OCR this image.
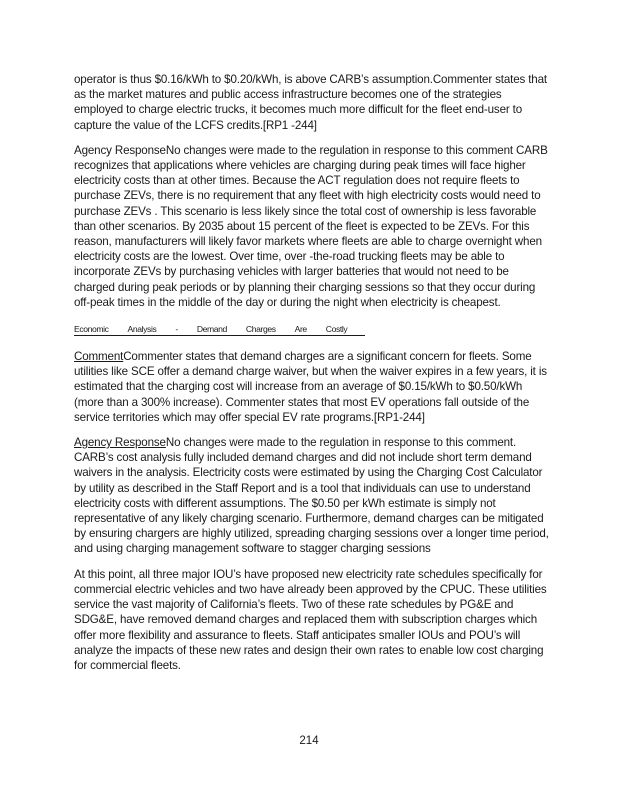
operator is thus $0.16/kWh to $0.20/kWh, is above CARB’s assumption.Commenter states that as the market matures and public access infrastructure becomes one of the strategies employed to charge electric trucks, it becomes much more difficult for the fleet end-user to capture the value of the LCFS credits.[RP1 -244]

Agency ResponseNo changes were made to the regulation in response to this comment CARB recognizes that applications where vehicles are charging during peak times will face higher electricity costs than at other times. Because the ACT regulation does not require fleets to purchase ZEVs, there is no requirement that any fleet with high electricity costs would need to purchase ZEVs . This scenario is less likely since the total cost of ownership is less favorable than other scenarios. By 2035 about 15 percent of the fleet is expected to be ZEVs. For this reason, manufacturers will likely favor markets where fleets are able to charge overnight when electricity costs are the lowest. Over time, over -the-road trucking fleets may be able to incorporate ZEVs by purchasing vehicles with larger batteries that would not need to be charged during peak periods or by planning their charging sessions so that they occur during off-peak times in the middle of the day or during the night when electricity is cheapest.

Economic Analysis - Demand Charges Are Costly

CommentCommenter states that demand charges are a significant concern for fleets. Some utilities like SCE offer a demand charge waiver, but when the waiver expires in a few years, it is estimated that the charging cost will increase from an average of $0.15/kWh to $0.50/kWh (more than a 300% increase). Commenter states that most EV operations fall outside of the service territories which may offer special EV rate programs.[RP1-244]

Agency ResponseNo changes were made to the regulation in response to this comment. CARB’s cost analysis fully included demand charges and did not include short term demand waivers in the analysis. Electricity costs were estimated by using the Charging Cost Calculator by utility as described in the Staff Report and is a tool that individuals can use to understand electricity costs with different assumptions. The $0.50 per kWh estimate is simply not representative of any likely charging scenario. Furthermore, demand charges can be mitigated by ensuring chargers are highly utilized, spreading charging sessions over a longer time period, and using charging management software to stagger charging sessions

At this point, all three major IOU’s have proposed new electricity rate schedules specifically for commercial electric vehicles and two have already been approved by the CPUC. These utilities service the vast majority of California’s fleets. Two of these rate schedules by PG&E and SDG&E, have removed demand charges and replaced them with subscription charges which offer more flexibility and assurance to fleets. Staff anticipates smaller IOUs and POU’s will analyze the impacts of these new rates and design their own rates to enable low cost charging for commercial fleets.

214
